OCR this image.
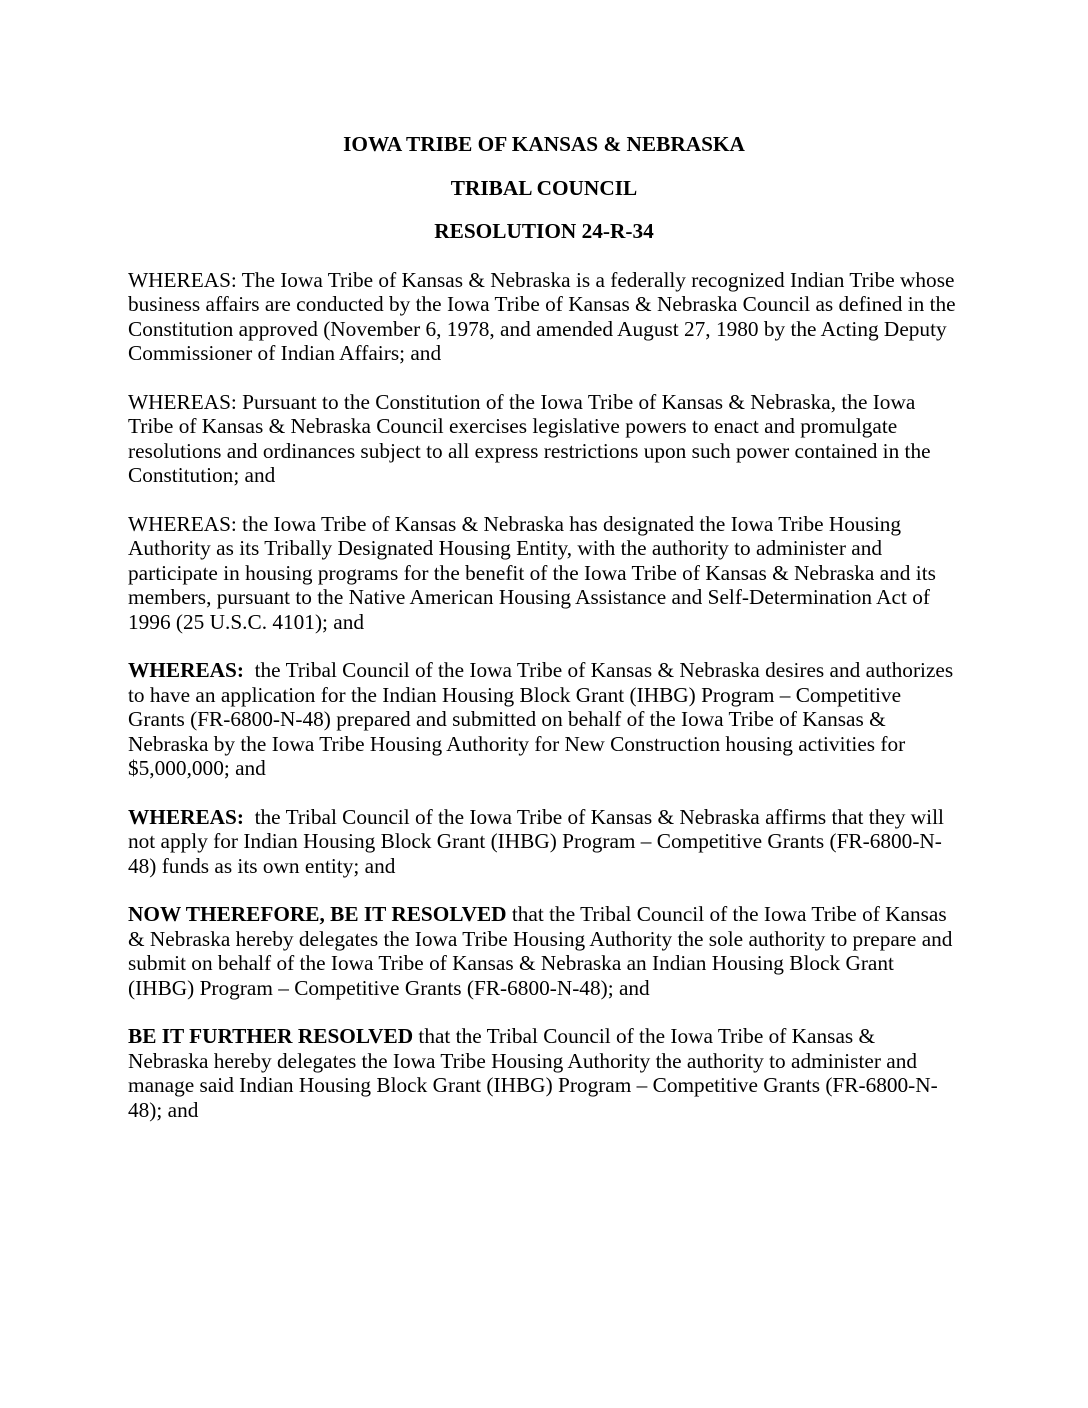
IOWA TRIBE OF KANSAS & NEBRASKA
TRIBAL COUNCIL
RESOLUTION 24-R-34

WHEREAS: The Iowa Tribe of Kansas & Nebraska is a federally recognized Indian Tribe whose business affairs are conducted by the Iowa Tribe of Kansas & Nebraska Council as defined in the Constitution approved (November 6, 1978, and amended August 27, 1980 by the Acting Deputy Commissioner of Indian Affairs; and

WHEREAS: Pursuant to the Constitution of the Iowa Tribe of Kansas & Nebraska, the Iowa Tribe of Kansas & Nebraska Council exercises legislative powers to enact and promulgate resolutions and ordinances subject to all express restrictions upon such power contained in the Constitution; and

WHEREAS: the Iowa Tribe of Kansas & Nebraska has designated the Iowa Tribe Housing Authority as its Tribally Designated Housing Entity, with the authority to administer and participate in housing programs for the benefit of the Iowa Tribe of Kansas & Nebraska and its members, pursuant to the Native American Housing Assistance and Self-Determination Act of 1996 (25 U.S.C. 4101); and

WHEREAS:  the Tribal Council of the Iowa Tribe of Kansas & Nebraska desires and authorizes to have an application for the Indian Housing Block Grant (IHBG) Program – Competitive Grants (FR-6800-N-48) prepared and submitted on behalf of the Iowa Tribe of Kansas & Nebraska by the Iowa Tribe Housing Authority for New Construction housing activities for $5,000,000; and

WHEREAS:  the Tribal Council of the Iowa Tribe of Kansas & Nebraska affirms that they will not apply for Indian Housing Block Grant (IHBG) Program – Competitive Grants (FR-6800-N-48) funds as its own entity; and

NOW THEREFORE, BE IT RESOLVED that the Tribal Council of the Iowa Tribe of Kansas & Nebraska hereby delegates the Iowa Tribe Housing Authority the sole authority to prepare and submit on behalf of the Iowa Tribe of Kansas & Nebraska an Indian Housing Block Grant (IHBG) Program – Competitive Grants (FR-6800-N-48); and

BE IT FURTHER RESOLVED that the Tribal Council of the Iowa Tribe of Kansas & Nebraska hereby delegates the Iowa Tribe Housing Authority the authority to administer and manage said Indian Housing Block Grant (IHBG) Program – Competitive Grants (FR-6800-N-48); and
